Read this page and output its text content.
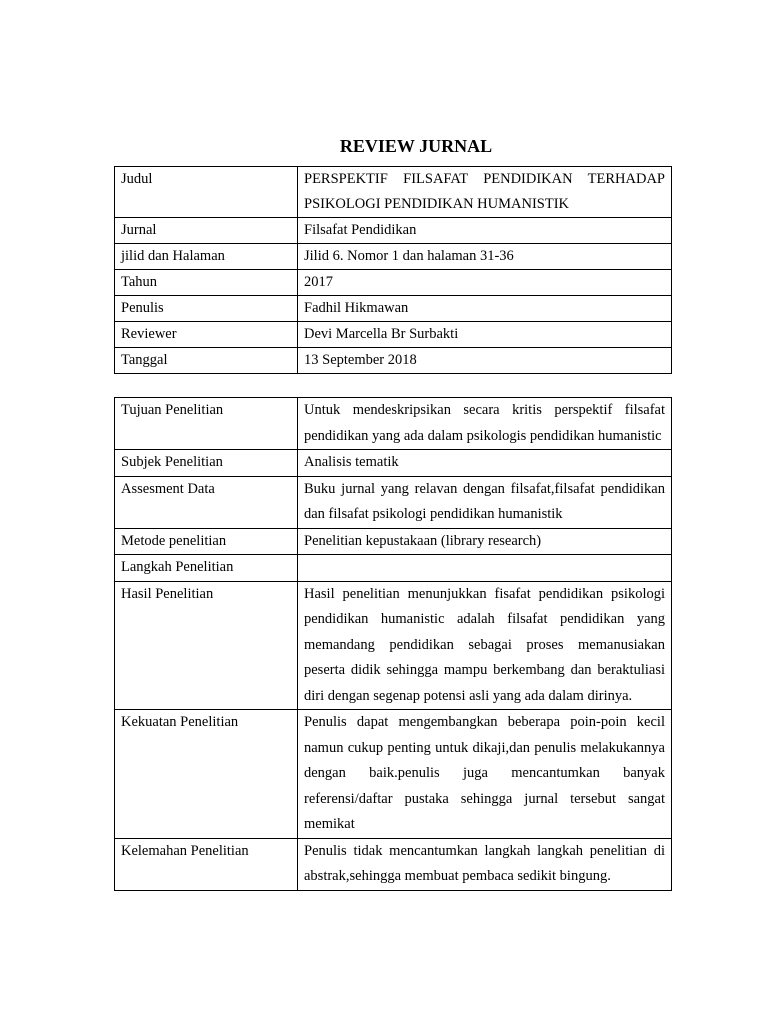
REVIEW JURNAL
Judul	PERSPEKTIF FILSAFAT PENDIDIKAN TERHADAP PSIKOLOGI PENDIDIKAN HUMANISTIK
Jurnal	Filsafat Pendidikan
jilid dan Halaman	Jilid 6. Nomor 1 dan halaman 31-36
Tahun	2017
Penulis	Fadhil Hikmawan
Reviewer	Devi Marcella Br Surbakti
Tanggal	13 September 2018
Tujuan Penelitian	Untuk mendeskripsikan secara kritis perspektif filsafat pendidikan yang ada dalam psikologis pendidikan humanistic
Subjek Penelitian	Analisis tematik
Assesment Data	Buku jurnal yang relavan dengan filsafat,filsafat pendidikan dan filsafat psikologi pendidikan humanistik
Metode penelitian	Penelitian kepustakaan (library research)
Langkah Penelitian	
Hasil Penelitian	Hasil penelitian menunjukkan fisafat pendidikan psikologi pendidikan humanistic adalah filsafat pendidikan yang memandang pendidikan sebagai proses memanusiakan peserta didik sehingga mampu berkembang dan beraktuliasi diri dengan segenap potensi asli yang ada dalam dirinya.
Kekuatan Penelitian	Penulis dapat mengembangkan beberapa poin-poin kecil namun cukup penting untuk dikaji,dan penulis melakukannya dengan baik.penulis juga mencantumkan banyak referensi/daftar pustaka sehingga jurnal tersebut sangat memikat
Kelemahan Penelitian	Penulis tidak mencantumkan langkah langkah penelitian di abstrak,sehingga membuat pembaca sedikit bingung.
